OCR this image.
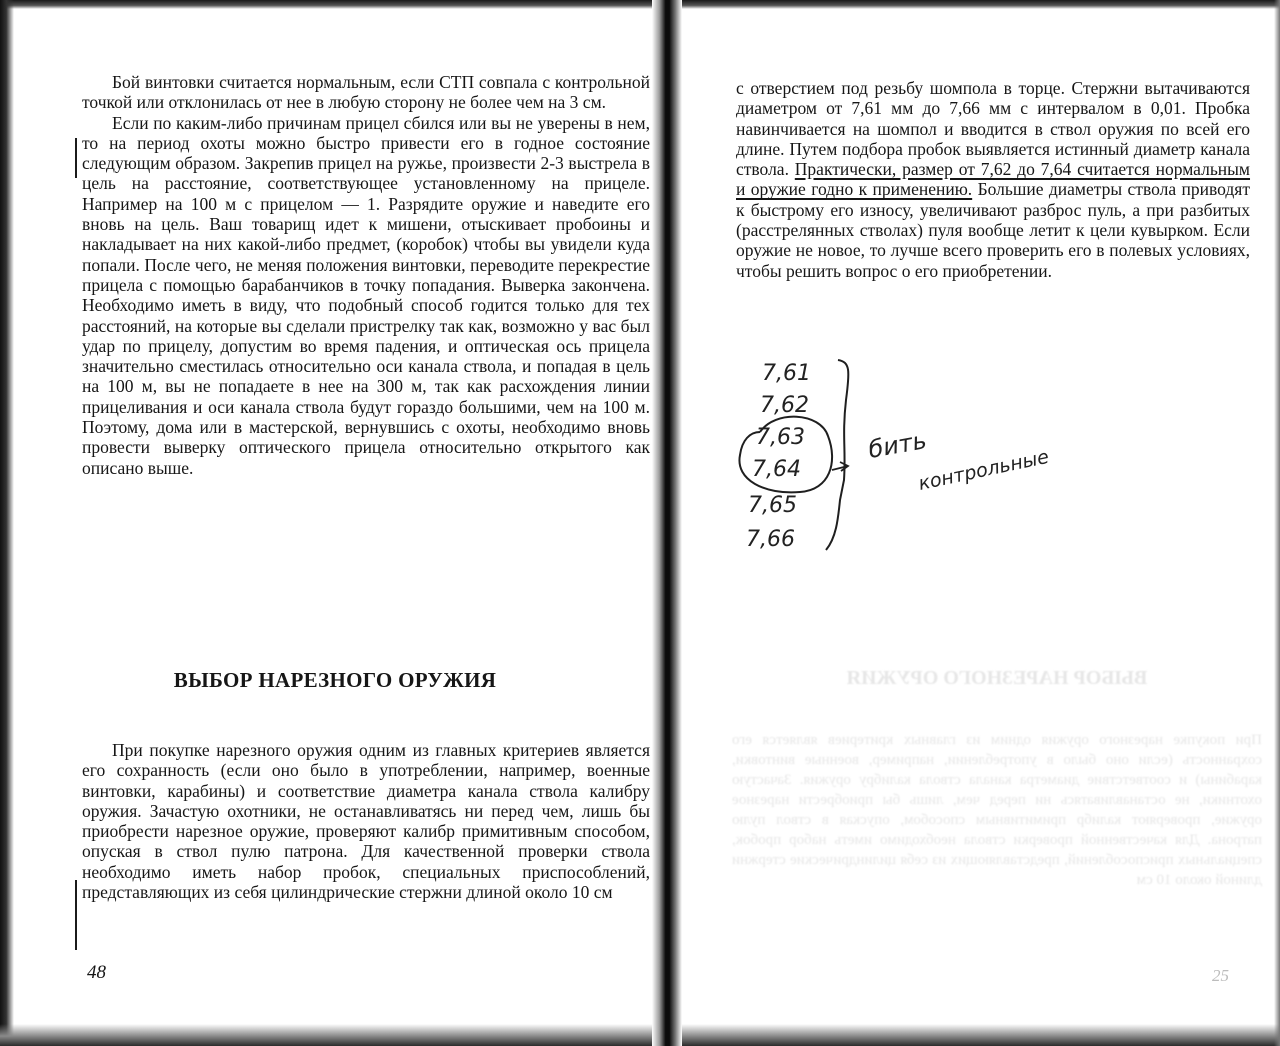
Бой винтовки считается нормальным, если СТП совпала с контрольной точкой или отклонилась от нее в любую сторону не более чем на 3 см.

Если по каким-либо причинам прицел сбился или вы не уверены в нем, то на период охоты можно быстро привести его в годное состояние следующим образом. Закрепив прицел на ружье, произвести 2-3 выстрела в цель на расстояние, соответствующее установленному на прицеле. Например на 100 м с прицелом — 1. Разрядите оружие и наведите его вновь на цель. Ваш товарищ идет к мишени, отыскивает пробоины и накладывает на них какой-либо предмет, (коробок) чтобы вы увидели куда попали. После чего, не меняя положения винтовки, переводите перекрестие прицела с помощью барабанчиков в точку попадания. Выверка закончена. Необходимо иметь в виду, что подобный способ годится только для тех расстояний, на которые вы сделали пристрелку так как, возможно у вас был удар по прицелу, допустим во время падения, и оптическая ось прицела значительно сместилась относительно оси канала ствола, и попадая в цель на 100 м, вы не попадаете в нее на 300 м, так как расхождения линии прицеливания и оси канала ствола будут гораздо большими, чем на 100 м. Поэтому, дома или в мастерской, вернувшись с охоты, необходимо вновь провести выверку оптического прицела относительно открытого как описано выше.

ВЫБОР НАРЕЗНОГО ОРУЖИЯ

При покупке нарезного оружия одним из главных критериев является его сохранность (если оно было в употреблении, например, военные винтовки, карабины) и соответствие диаметра канала ствола калибру оружия. Зачастую охотники, не останавливатясь ни перед чем, лишь бы приобрести нарезное оружие, проверяют калибр примитивным способом, опуская в ствол пулю патрона. Для качественной проверки ствола необходимо иметь набор пробок, специальных приспособлений, представляющих из себя цилиндрические стержни длиной около 10 см

48

с отверстием под резьбу шомпола в торце. Стержни вытачиваются диаметром от 7,61 мм до 7,66 мм с интервалом в 0,01. Пробка навинчивается на шомпол и вводится в ствол оружия по всей его длине. Путем подбора пробок выявляется истинный диаметр канала ствола. Практически, размер от 7,62 до 7,64 считается нормальным и оружие годно к применению. Большие диаметры ствола приводят к быстрому его износу, увеличивают разброс пуль, а при разбитых (расстрелянных стволах) пуля вообще летит к цели кувырком. Если оружие не новое, то лучше всего проверить его в полевых условиях, чтобы решить вопрос о его приобретении.

ВЫБОР НАРЕЗНОГО ОРУЖИЯ
При покупке нарезного оружия одним из главных критериев является его сохранность (если оно было в употреблении, например, военные винтовки, карабины) и соответствие диаметра канала ствола калибру оружия. Зачастую охотники, не останавливатясь ни перед чем, лишь бы приобрести нарезное оружие, проверяют калибр примитивным способом, опуская в ствол пулю патрона. Для качественной проверки ствола необходимо иметь набор пробок, специальных приспособлений, представляющих из себя цилиндрические стержни длиной около 10 см
25
7,61
7,62
7,63
7,64
7,65
7,66
бить
контрольные
